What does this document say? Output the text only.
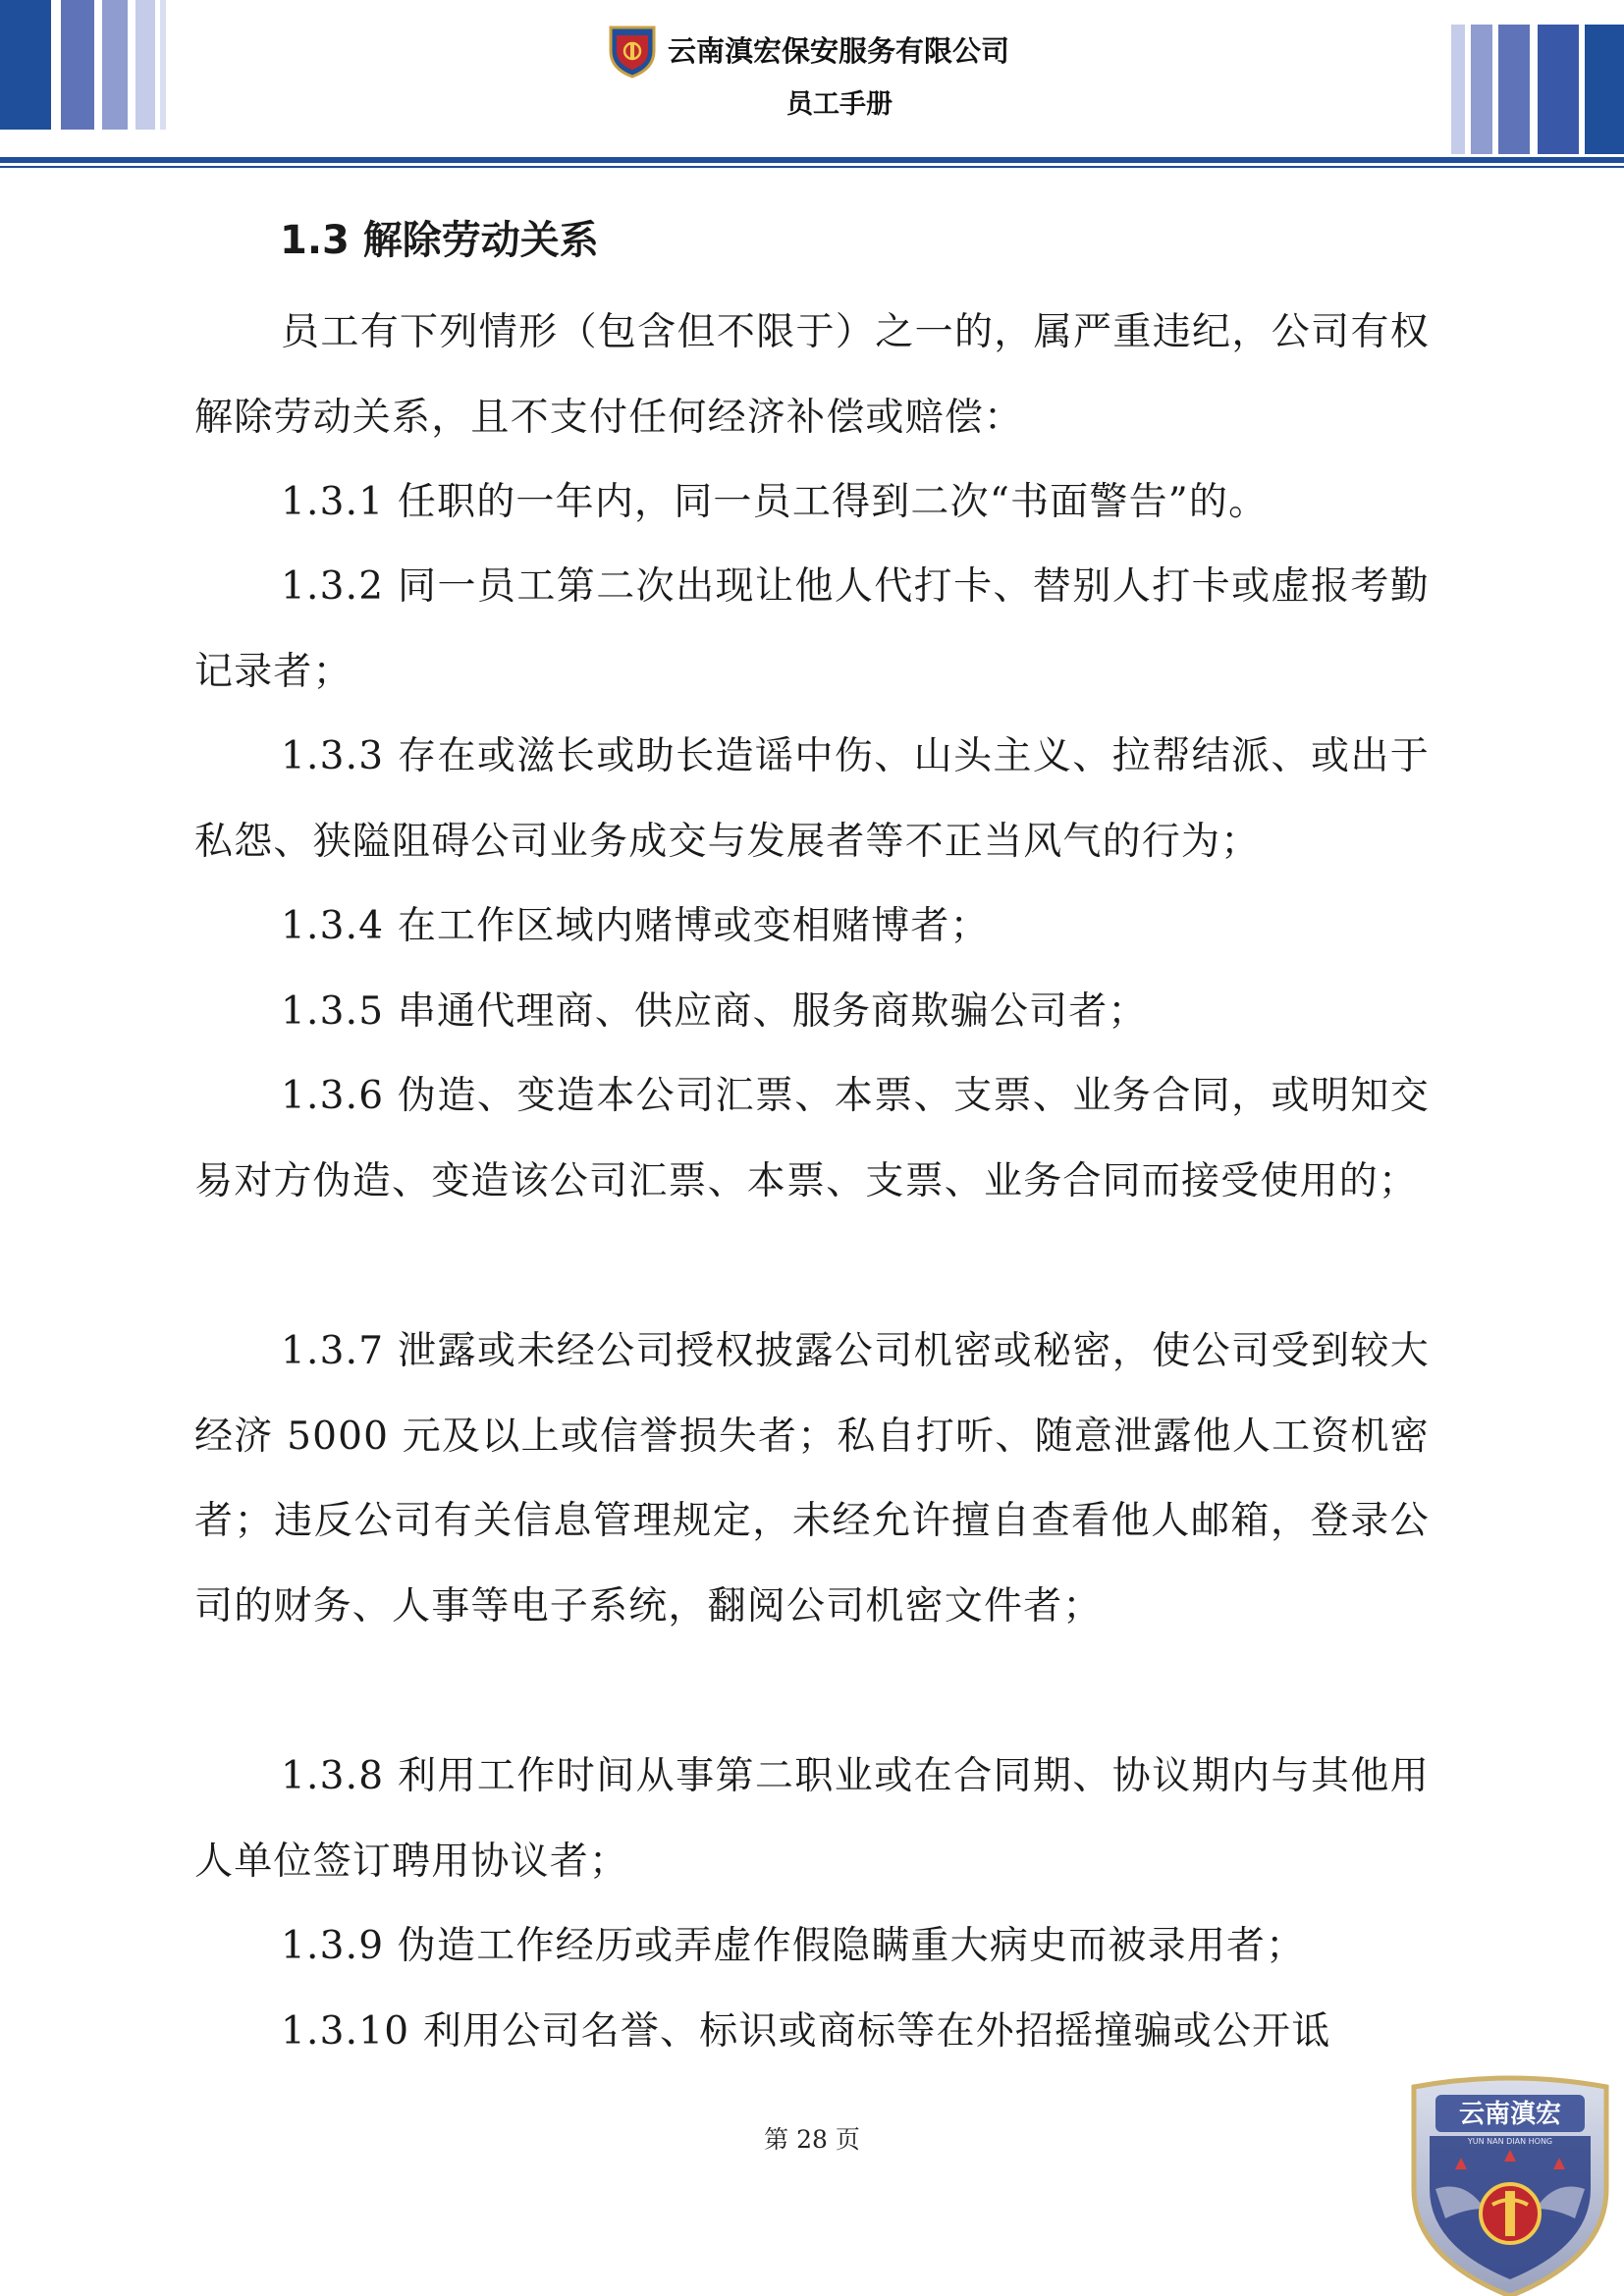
云南滇宏保安服务有限公司
员工手册
1.3 解除劳动关系

员工有下列情形（包含但不限于）之一的，属严重违纪，公司有权解除劳动关系，且不支付任何经济补偿或赔偿：

1.3.1 任职的一年内，同一员工得到二次“书面警告”的。

1.3.2 同一员工第二次出现让他人代打卡、替别人打卡或虚报考勤记录者；

1.3.3 存在或滋长或助长造谣中伤、山头主义、拉帮结派、或出于私怨、狭隘阻碍公司业务成交与发展者等不正当风气的行为；

1.3.4 在工作区域内赌博或变相赌博者；

1.3.5 串通代理商、供应商、服务商欺骗公司者；

1.3.6 伪造、变造本公司汇票、本票、支票、业务合同，或明知交易对方伪造、变造该公司汇票、本票、支票、业务合同而接受使用的；

1.3.7 泄露或未经公司授权披露公司机密或秘密，使公司受到较大经济 5000 元及以上或信誉损失者；私自打听、随意泄露他人工资机密者；违反公司有关信息管理规定，未经允许擅自查看他人邮箱，登录公司的财务、人事等电子系统，翻阅公司机密文件者；

1.3.8 利用工作时间从事第二职业或在合同期、协议期内与其他用人单位签订聘用协议者；

1.3.9 伪造工作经历或弄虚作假隐瞒重大病史而被录用者；

1.3.10 利用公司名誉、标识或商标等在外招摇撞骗或公开诋

第 28 页
云南滇宏
YUN NAN DIAN HONG
